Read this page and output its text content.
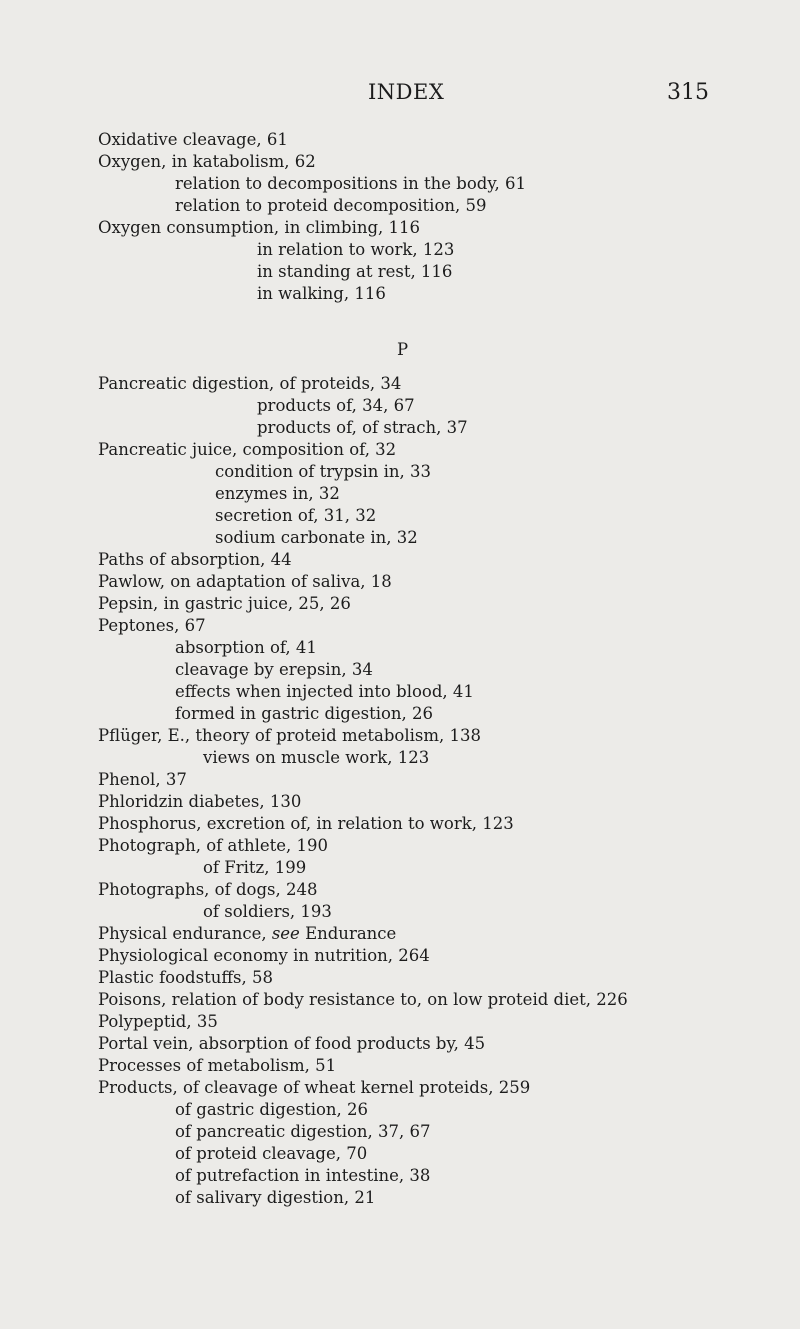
INDEX	315
Oxidative cleavage, 61
Oxygen, in katabolism, 62
relation to decompositions in the body, 61
relation to proteid decomposition, 59
Oxygen consumption, in climbing, 116
in relation to work, 123
in standing at rest, 116
in walking, 116
P
Pancreatic digestion, of proteids, 34
products of, 34, 67
products of, of strach, 37
Pancreatic juice, composition of, 32
condition of trypsin in, 33
enzymes in, 32
secretion of, 31, 32
sodium carbonate in, 32
Paths of absorption, 44
Pawlow, on adaptation of saliva, 18
Pepsin, in gastric juice, 25, 26
Peptones, 67
absorption of, 41
cleavage by erepsin, 34
effects when injected into blood, 41
formed in gastric digestion, 26
Pflüger, E., theory of proteid metabolism, 138
views on muscle work, 123
Phenol, 37
Phloridzin diabetes, 130
Phosphorus, excretion of, in relation to work, 123
Photograph, of athlete, 190
of Fritz, 199
Photographs, of dogs, 248
of soldiers, 193
Physical endurance, see Endurance
Physiological economy in nutrition, 264
Plastic foodstuffs, 58
Poisons, relation of body resistance to, on low proteid diet, 226
Polypeptid, 35
Portal vein, absorption of food products by, 45
Processes of metabolism, 51
Products, of cleavage of wheat kernel proteids, 259
of gastric digestion, 26
of pancreatic digestion, 37, 67
of proteid cleavage, 70
of putrefaction in intestine, 38
of salivary digestion, 21
